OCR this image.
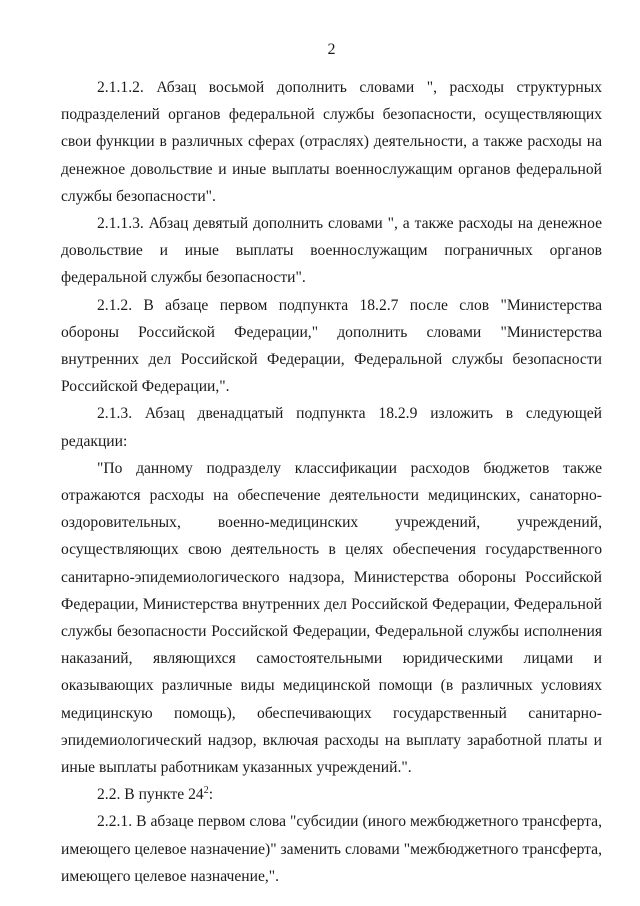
2

2.1.1.2. Абзац восьмой дополнить словами ", расходы структурных подразделений органов федеральной службы безопасности, осуществляющих свои функции в различных сферах (отраслях) деятельности, а также расходы на денежное довольствие и иные выплаты военнослужащим органов федеральной службы безопасности".

2.1.1.3. Абзац девятый дополнить словами ", а также расходы на денежное довольствие и иные выплаты военнослужащим пограничных органов федеральной службы безопасности".

2.1.2. В абзаце первом подпункта 18.2.7 после слов "Министерства обороны Российской Федерации," дополнить словами "Министерства внутренних дел Российской Федерации, Федеральной службы безопасности Российской Федерации,".

2.1.3. Абзац двенадцатый подпункта 18.2.9 изложить в следующей редакции:

"По данному подразделу классификации расходов бюджетов также отражаются расходы на обеспечение деятельности медицинских, санаторно-оздоровительных, военно-медицинских учреждений, учреждений, осуществляющих свою деятельность в целях обеспечения государственного санитарно-эпидемиологического надзора, Министерства обороны Российской Федерации, Министерства внутренних дел Российской Федерации, Федеральной службы безопасности Российской Федерации, Федеральной службы исполнения наказаний, являющихся самостоятельными юридическими лицами и оказывающих различные виды медицинской помощи (в различных условиях медицинскую помощь), обеспечивающих государственный санитарно-эпидемиологический надзор, включая расходы на выплату заработной платы и иные выплаты работникам указанных учреждений.".

2.2. В пункте $24^2$:

2.2.1. В абзаце первом слова "субсидии (иного межбюджетного трансферта, имеющего целевое назначение)" заменить словами "межбюджетного трансферта, имеющего целевое назначение,".
